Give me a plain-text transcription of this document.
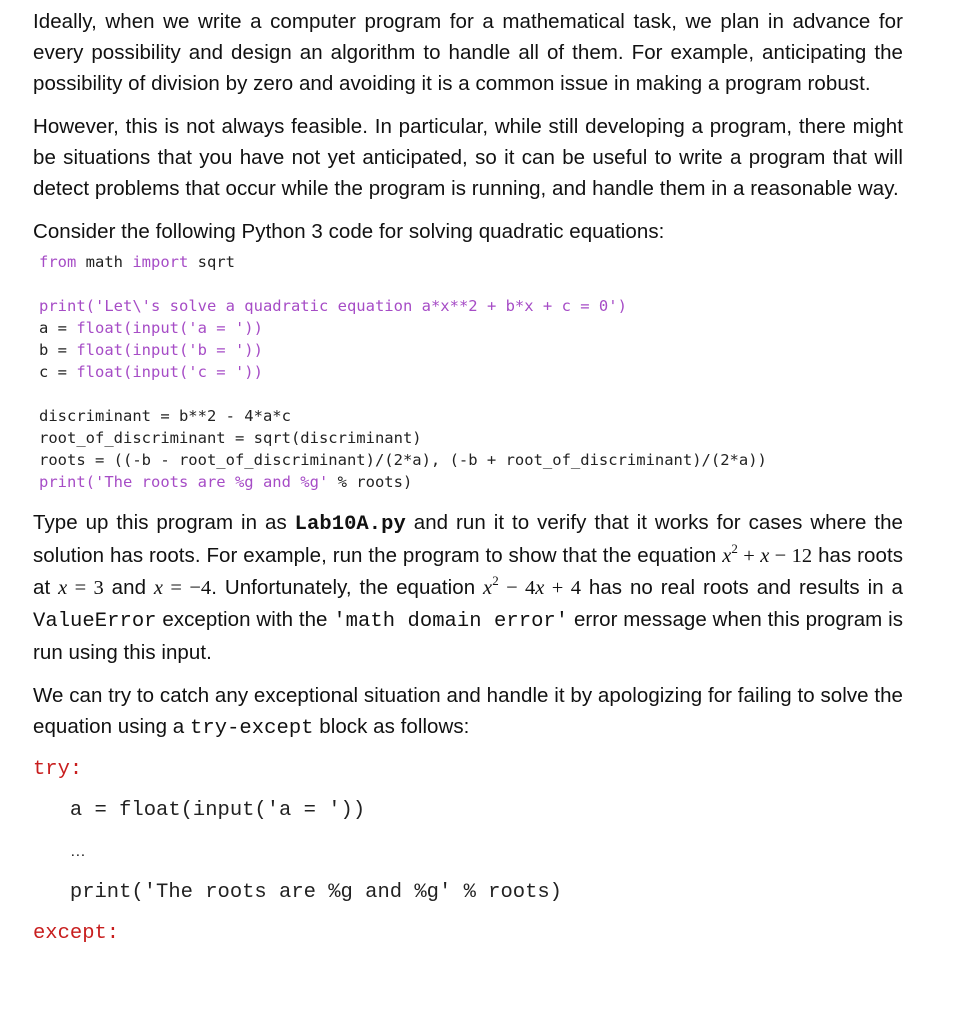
Ideally, when we write a computer program for a mathematical task, we plan in advance for every possibility and design an algorithm to handle all of them. For example, anticipating the possibility of division by zero and avoiding it is a common issue in making a program robust.

However, this is not always feasible. In particular, while still developing a program, there might be situations that you have not yet anticipated, so it can be useful to write a program that will detect problems that occur while the program is running, and handle them in a reasonable way.

Consider the following Python 3 code for solving quadratic equations:

from math import sqrt

print('Let\'s solve a quadratic equation a*x**2 + b*x + c = 0')
a = float(input('a = '))
b = float(input('b = '))
c = float(input('c = '))

discriminant = b**2 - 4*a*c
root_of_discriminant = sqrt(discriminant)
roots = ((-b - root_of_discriminant)/(2*a), (-b + root_of_discriminant)/(2*a))
print('The roots are %g and %g' % roots)

Type up this program in as Lab10A.py and run it to verify that it works for cases where the solution has roots. For example, run the program to show that the equation $x^2 + x - 12$ has roots at x = 3 and x = −4. Unfortunately, the equation $x^2 - 4x + 4$ has no real roots and results in a ValueError exception with the 'math domain error' error message when this program is run using this input.

We can try to catch any exceptional situation and handle it by apologizing for failing to solve the equation using a try-except block as follows:

try:

a = float(input('a = '))

…

print('The roots are %g and %g' % roots)

except:
